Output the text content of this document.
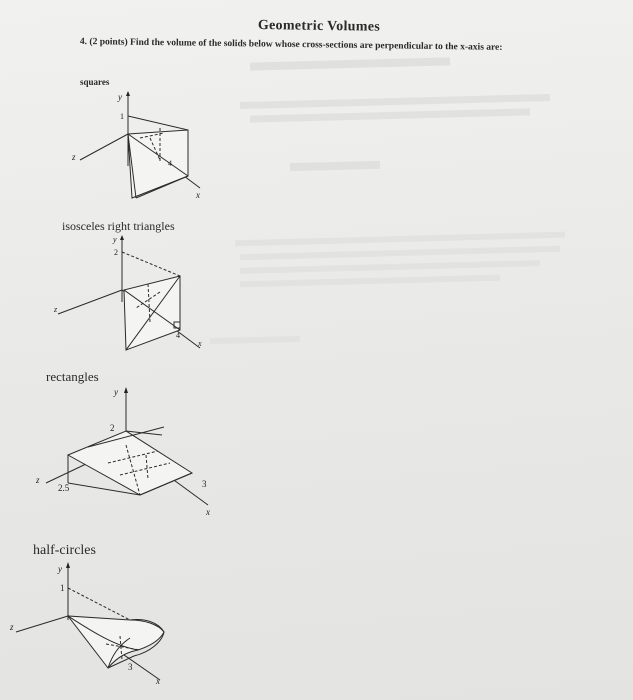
Geometric Volumes
4. (2 points) Find the volume of the solids below whose cross-sections are perpendicular to the x-axis are:
squares
y
z
x
1
4
isosceles right triangles
y
z
x
2
4
rectangles
y
z
x
2
2.5	3
half-circles
y
z
x
1
3
